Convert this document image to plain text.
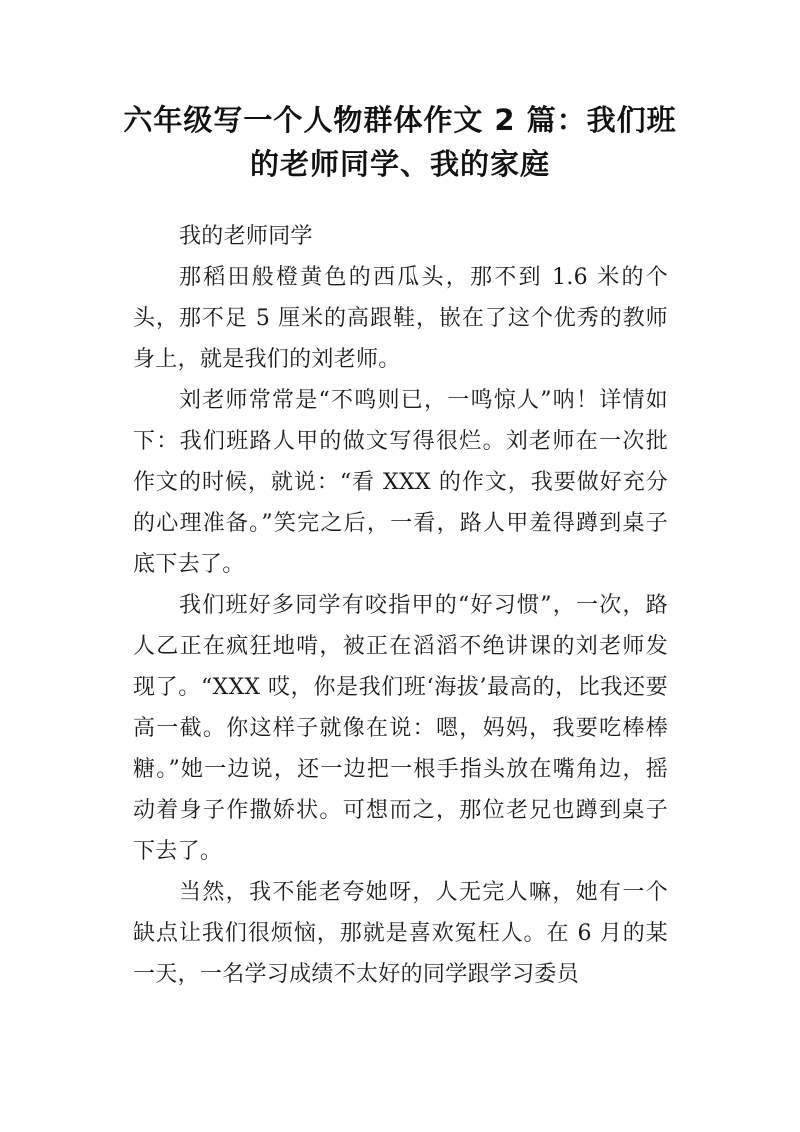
六年级写一个人物群体作文 2 篇：我们班的老师同学、我的家庭

我的老师同学

那稻田般橙黄色的西瓜头，那不到 1.6 米的个头，那不足 5 厘米的高跟鞋，嵌在了这个优秀的教师身上，就是我们的刘老师。

刘老师常常是“不鸣则已，一鸣惊人”呐！详情如下：我们班路人甲的做文写得很烂。刘老师在一次批作文的时候，就说：“看 XXX 的作文，我要做好充分的心理准备。”笑完之后，一看，路人甲羞得蹲到桌子底下去了。

我们班好多同学有咬指甲的“好习惯”，一次，路人乙正在疯狂地啃，被正在滔滔不绝讲课的刘老师发现了。“XXX 哎，你是我们班‘海拔’最高的，比我还要高一截。你这样子就像在说：嗯，妈妈，我要吃棒棒糖。”她一边说，还一边把一根手指头放在嘴角边，摇动着身子作撒娇状。可想而之，那位老兄也蹲到桌子下去了。

当然，我不能老夸她呀，人无完人嘛，她有一个缺点让我们很烦恼，那就是喜欢冤枉人。在 6 月的某一天，一名学习成绩不太好的同学跟学习委员
